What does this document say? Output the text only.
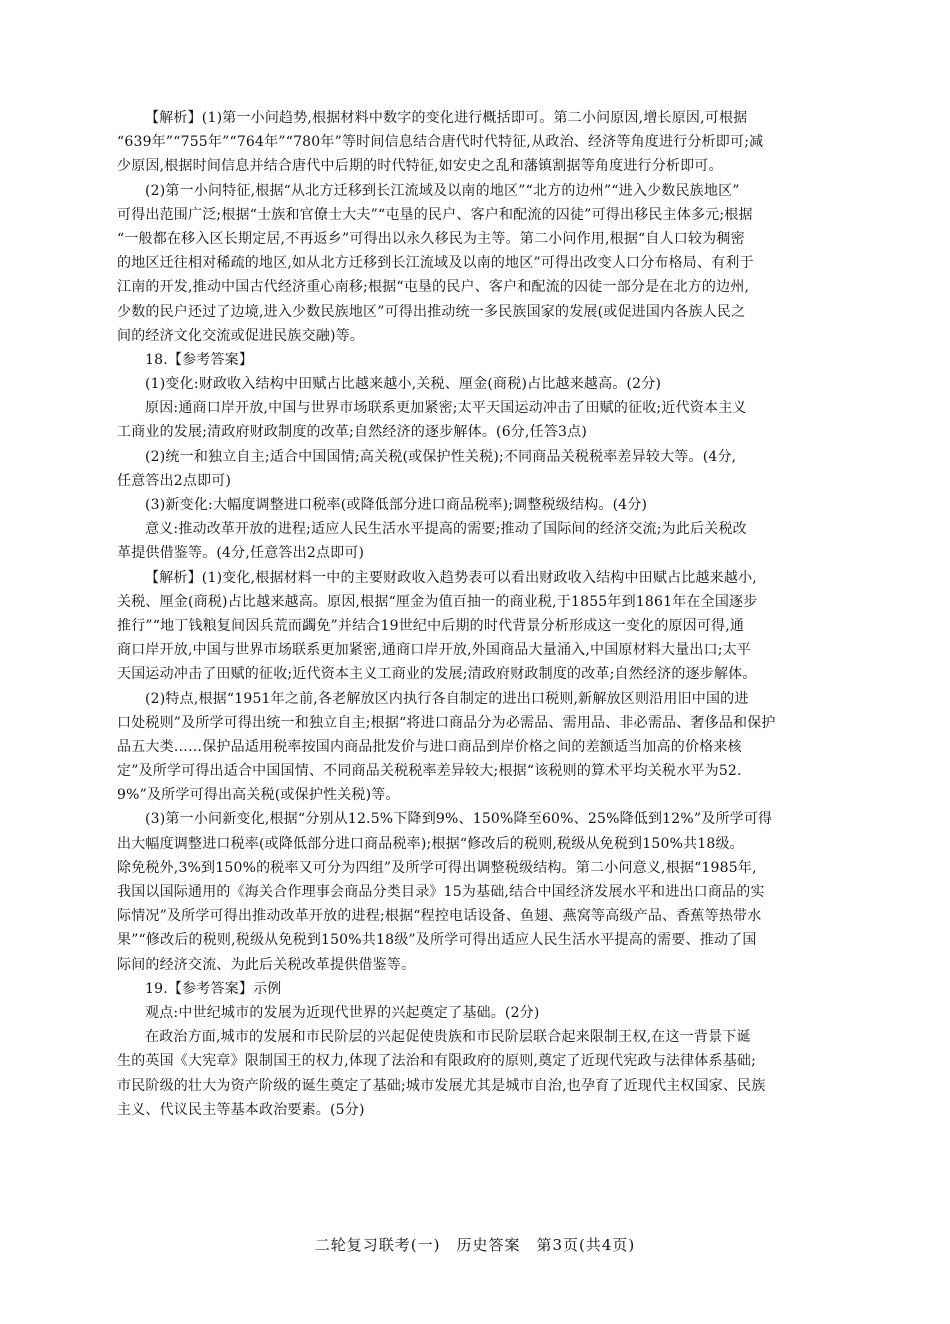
【解析】(1)第一小问趋势,根据材料中数字的变化进行概括即可。第二小问原因,增长原因,可根据
“639年”“755年”“764年”“780年”等时间信息结合唐代时代特征,从政治、经济等角度进行分析即可;减
少原因,根据时间信息并结合唐代中后期的时代特征,如安史之乱和藩镇割据等角度进行分析即可。
(2)第一小问特征,根据“从北方迁移到长江流域及以南的地区”“北方的边州”“进入少数民族地区”
可得出范围广泛;根据“士族和官僚士大夫”“屯垦的民户、客户和配流的囚徒”可得出移民主体多元;根据
“一般都在移入区长期定居,不再返乡”可得出以永久移民为主等。第二小问作用,根据“自人口较为稠密
的地区迁往相对稀疏的地区,如从北方迁移到长江流域及以南的地区”可得出改变人口分布格局、有利于
江南的开发,推动中国古代经济重心南移;根据“屯垦的民户、客户和配流的囚徒一部分是在北方的边州,
少数的民户还过了边境,进入少数民族地区”可得出推动统一多民族国家的发展(或促进国内各族人民之
间的经济文化交流或促进民族交融)等。
18.【参考答案】
(1)变化:财政收入结构中田赋占比越来越小,关税、厘金(商税)占比越来越高。(2分)
原因:通商口岸开放,中国与世界市场联系更加紧密;太平天国运动冲击了田赋的征收;近代资本主义
工商业的发展;清政府财政制度的改革;自然经济的逐步解体。(6分,任答3点)
(2)统一和独立自主;适合中国国情;高关税(或保护性关税);不同商品关税税率差异较大等。(4分,
任意答出2点即可)
(3)新变化:大幅度调整进口税率(或降低部分进口商品税率);调整税级结构。(4分)
意义:推动改革开放的进程;适应人民生活水平提高的需要;推动了国际间的经济交流;为此后关税改
革提供借鉴等。(4分,任意答出2点即可)
【解析】(1)变化,根据材料一中的主要财政收入趋势表可以看出财政收入结构中田赋占比越来越小,
关税、厘金(商税)占比越来越高。原因,根据“厘金为值百抽一的商业税,于1855年到1861年在全国逐步
推行”“地丁钱粮复间因兵荒而蠲免”并结合19世纪中后期的时代背景分析形成这一变化的原因可得,通
商口岸开放,中国与世界市场联系更加紧密,通商口岸开放,外国商品大量涌入,中国原材料大量出口;太平
天国运动冲击了田赋的征收;近代资本主义工商业的发展;清政府财政制度的改革;自然经济的逐步解体。
(2)特点,根据“1951年之前,各老解放区内执行各自制定的进出口税则,新解放区则沿用旧中国的进
口处税则”及所学可得出统一和独立自主;根据“将进口商品分为必需品、需用品、非必需品、奢侈品和保护
品五大类……保护品适用税率按国内商品批发价与进口商品到岸价格之间的差额适当加高的价格来核
定”及所学可得出适合中国国情、不同商品关税税率差异较大;根据“该税则的算术平均关税水平为52.
9%”及所学可得出高关税(或保护性关税)等。
(3)第一小问新变化,根据“分别从12.5%下降到9%、150%降至60%、25%降低到12%”及所学可得
出大幅度调整进口税率(或降低部分进口商品税率);根据“修改后的税则,税级从免税到150%共18级。
除免税外,3%到150%的税率又可分为四组”及所学可得出调整税级结构。第二小问意义,根据“1985年,
我国以国际通用的《海关合作理事会商品分类目录》15为基础,结合中国经济发展水平和进出口商品的实
际情况”及所学可得出推动改革开放的进程;根据“程控电话设备、鱼翅、燕窝等高级产品、香蕉等热带水
果”“修改后的税则,税级从免税到150%共18级”及所学可得出适应人民生活水平提高的需要、推动了国
际间的经济交流、为此后关税改革提供借鉴等。
19.【参考答案】示例
观点:中世纪城市的发展为近现代世界的兴起奠定了基础。(2分)
在政治方面,城市的发展和市民阶层的兴起促使贵族和市民阶层联合起来限制王权,在这一背景下诞
生的英国《大宪章》限制国王的权力,体现了法治和有限政府的原则,奠定了近现代宪政与法律体系基础;
市民阶级的壮大为资产阶级的诞生奠定了基础;城市发展尤其是城市自治,也孕育了近现代主权国家、民族
主义、代议民主等基本政治要素。(5分)
二轮复习联考(一)　历史答案　第3页(共4页)
